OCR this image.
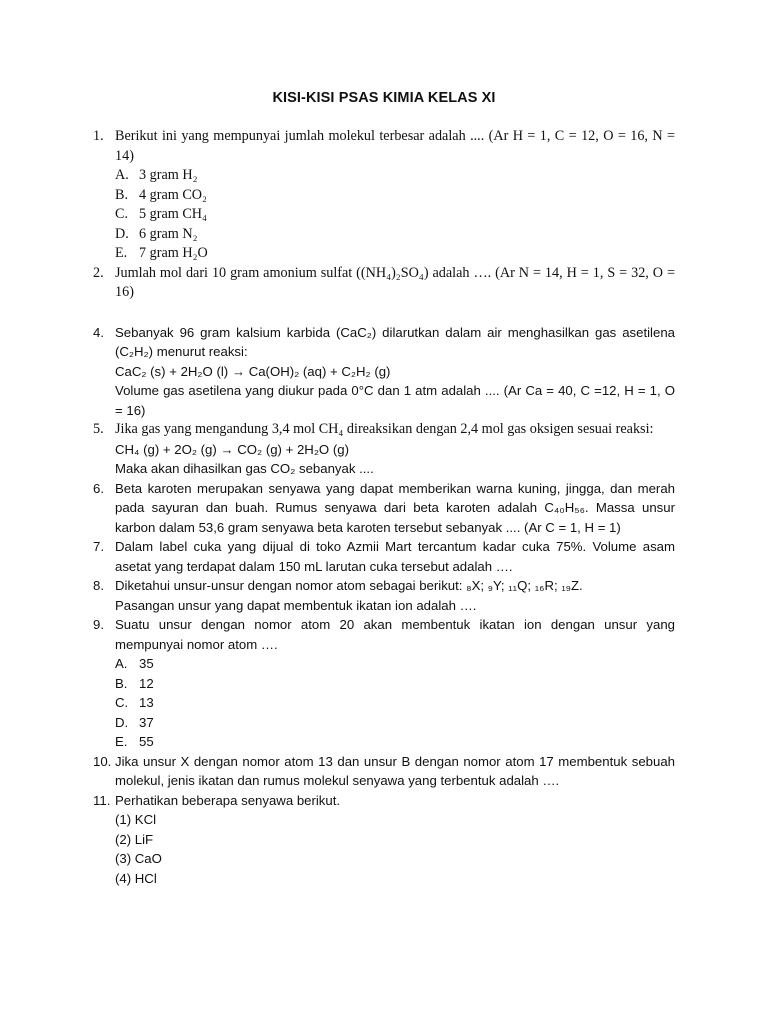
KISI-KISI PSAS KIMIA KELAS XI
1. Berikut ini yang mempunyai jumlah molekul terbesar adalah .... (Ar H = 1, C = 12, O = 16, N = 14)
A. 3 gram H₂
B. 4 gram CO₂
C. 5 gram CH₄
D. 6 gram N₂
E. 7 gram H₂O
2. Jumlah mol dari 10 gram amonium sulfat ((NH₄)₂SO₄) adalah …. (Ar N = 14, H = 1, S = 32, O = 16)
4. Sebanyak 96 gram kalsium karbida (CaC₂) dilarutkan dalam air menghasilkan gas asetilena (C₂H₂) menurut reaksi:
CaC₂ (s) + 2H₂O (l) → Ca(OH)₂ (aq) + C₂H₂ (g)
Volume gas asetilena yang diukur pada 0°C dan 1 atm adalah .... (Ar Ca = 40, C =12, H = 1, O = 16)
5. Jika gas yang mengandung 3,4 mol CH₄ direaksikan dengan 2,4 mol gas oksigen sesuai reaksi:
CH₄ (g) + 2O₂ (g) → CO₂ (g) + 2H₂O (g)
Maka akan dihasilkan gas CO₂ sebanyak ....
6. Beta karoten merupakan senyawa yang dapat memberikan warna kuning, jingga, dan merah pada sayuran dan buah. Rumus senyawa dari beta karoten adalah C₄₀H₅₆. Massa unsur karbon dalam 53,6 gram senyawa beta karoten tersebut sebanyak .... (Ar C = 1, H = 1)
7. Dalam label cuka yang dijual di toko Azmii Mart tercantum kadar cuka 75%. Volume asam asetat yang terdapat dalam 150 mL larutan cuka tersebut adalah ….
8. Diketahui unsur-unsur dengan nomor atom sebagai berikut: ₈X; ₉Y; ₁₁Q; ₁₆R; ₁₉Z.
Pasangan unsur yang dapat membentuk ikatan ion adalah ….
9. Suatu unsur dengan nomor atom 20 akan membentuk ikatan ion dengan unsur yang mempunyai nomor atom ….
A. 35
B. 12
C. 13
D. 37
E. 55
10. Jika unsur X dengan nomor atom 13 dan unsur B dengan nomor atom 17 membentuk sebuah molekul, jenis ikatan dan rumus molekul senyawa yang terbentuk adalah ….
11. Perhatikan beberapa senyawa berikut.
(1) KCl
(2) LiF
(3) CaO
(4) HCl
